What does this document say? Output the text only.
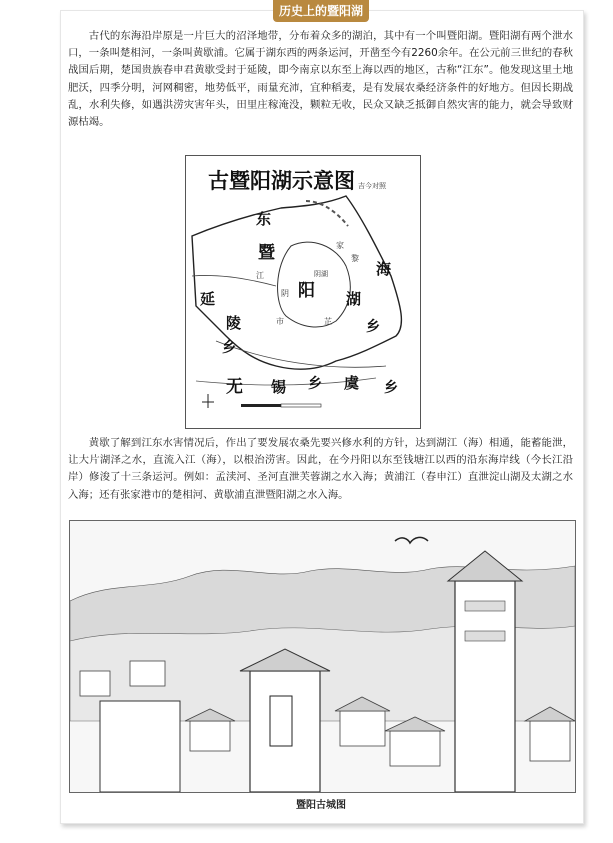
历史上的暨阳湖
古代的东海沿岸原是一片巨大的沼泽地带，分布着众多的湖泊，其中有一个叫暨阳湖。暨阳湖有两个泄水口，一条叫楚相河，一条叫黄歇浦。它属于湖东西的两条运河，开凿至今有2260余年。在公元前三世纪的春秋战国后期，楚国贵族春申君黄歇受封于延陵，即今南京以东至上海以西的地区，古称“江东”。他发现这里土地肥沃，四季分明，河网稠密，地势低平，雨量充沛，宜种稻麦，是有发展农桑经济条件的好地方。但因长期战乱，水利失修，如遇洪涝灾害年头，田里庄稼淹没，颗粒无收，民众又缺乏抵御自然灾害的能力，就会导致财源枯竭。
古暨阳湖示意图 吉今对照
东
海
暨
阳 湖
延
陵
乡
乡
乡	乡
无 锡	虞
江
阴
市
黎
家
芷
阴湖
黄歇了解到江东水害情况后，作出了要发展农桑先要兴修水利的方针，达到湖江（海）相通，能蓄能泄，让大片湖泽之水，直流入江（海），以根治涝害。因此，在今丹阳以东至钱塘江以西的沿东海岸线（今长江沿岸）修浚了十三条运河。例如：孟渎河、圣河直泄芙蓉湖之水入海；黄浦江（春申江）直泄淀山湖及太湖之水入海；还有张家港市的楚相河、黄歇浦直泄暨阳湖之水入海。
暨阳古城图
